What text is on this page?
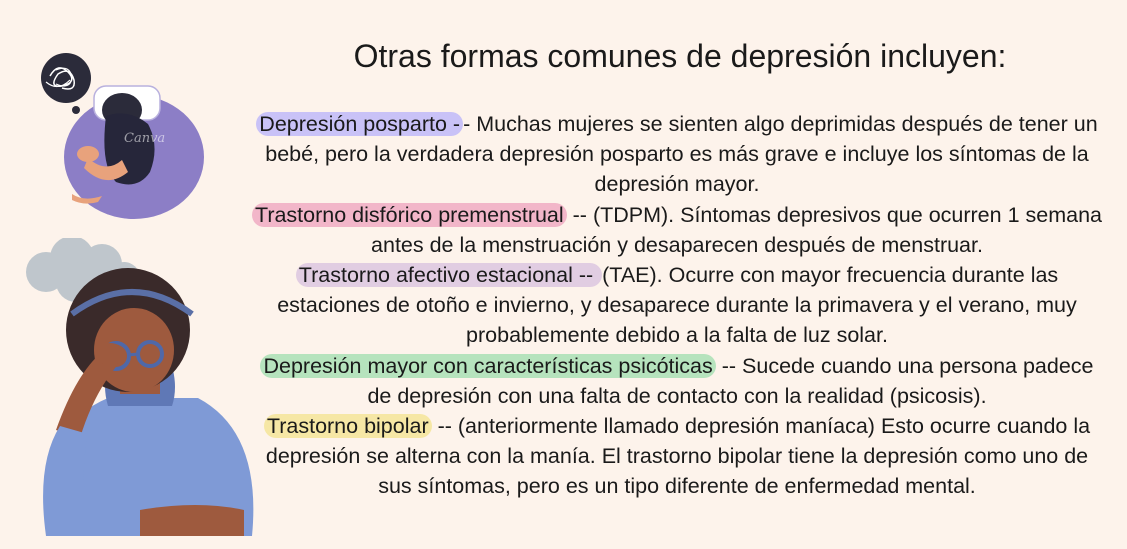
Canva
Otras formas comunes de depresión incluyen:
Depresión posparto - - Muchas mujeres se sienten algo deprimidas después de tener un bebé, pero la verdadera depresión posparto es más grave e incluye los síntomas de la depresión mayor.
Trastorno disfórico premenstrual -- (TDPM). Síntomas depresivos que ocurren 1 semana antes de la menstruación y desaparecen después de menstruar.
Trastorno afectivo estacional -- (TAE). Ocurre con mayor frecuencia durante las estaciones de otoño e invierno, y desaparece durante la primavera y el verano, muy probablemente debido a la falta de luz solar.
Depresión mayor con características psicóticas -- Sucede cuando una persona padece de depresión con una falta de contacto con la realidad (psicosis).
Trastorno bipolar -- (anteriormente llamado depresión maníaca) Esto ocurre cuando la depresión se alterna con la manía. El trastorno bipolar tiene la depresión como uno de sus síntomas, pero es un tipo diferente de enfermedad mental.
